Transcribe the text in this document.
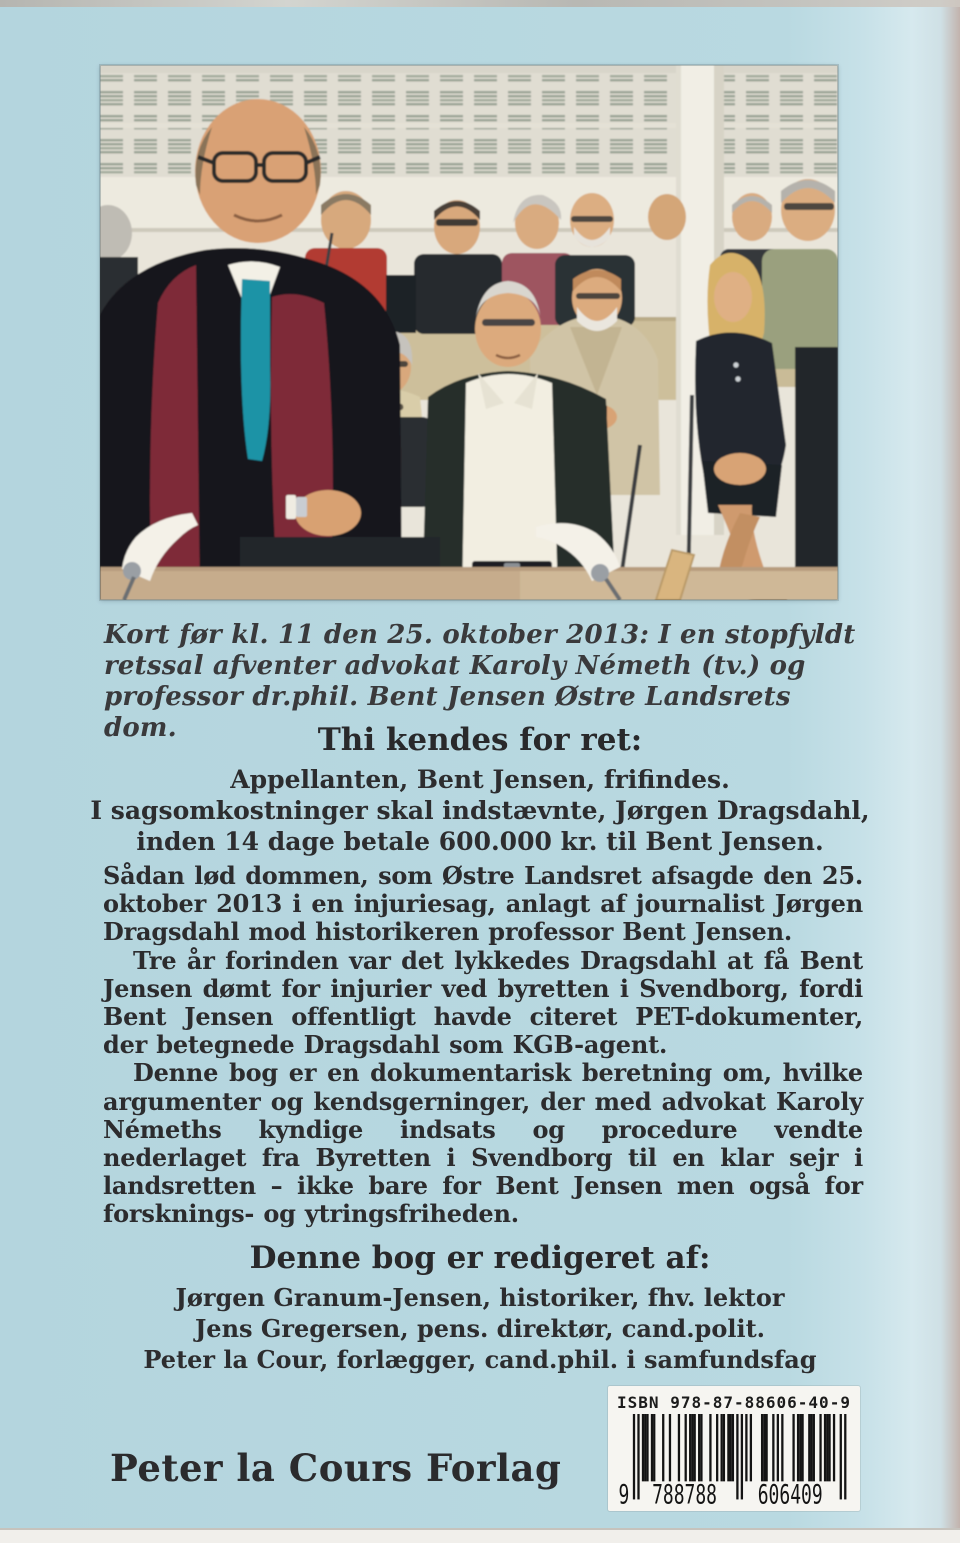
Kort før kl. 11 den 25. oktober 2013: I en stopfyldt retssal afventer advokat Karoly Németh (tv.) og professor dr.phil. Bent Jensen Østre Landsrets dom.	Thi kendes for ret:
Appellanten, Bent Jensen, frifindes.
I sagsomkostninger skal indstævnte, Jørgen Dragsdahl,
inden 14 dage betale 600.000 kr. til Bent Jensen.

Sådan lød dommen, som Østre Landsret afsagde den 25. oktober 2013 i en injuriesag, anlagt af journalist Jørgen Dragsdahl mod historikeren professor Bent Jensen.

Tre år forinden var det lykkedes Dragsdahl at få Bent Jensen dømt for injurier ved byretten i Svendborg, fordi Bent Jensen offentligt havde citeret PET-dokumenter, der betegnede Dragsdahl som KGB-agent.

Denne bog er en dokumentarisk beretning om, hvilke argumenter og kendsgerninger, der med advokat Karoly Némeths kyndige indsats og procedure vendte nederlaget fra Byretten i Svendborg til en klar sejr i landsretten – ikke bare for Bent Jensen men også for forsknings- og ytringsfriheden.

Denne bog er redigeret af:
Jørgen Granum-Jensen, historiker, fhv. lektor
Jens Gregersen, pens. direktør, cand.polit.
Peter la Cour, forlægger, cand.phil. i samfundsfag
Peter la Cours Forlag
ISBN 978-87-88606-40-9
9	788788	606409
